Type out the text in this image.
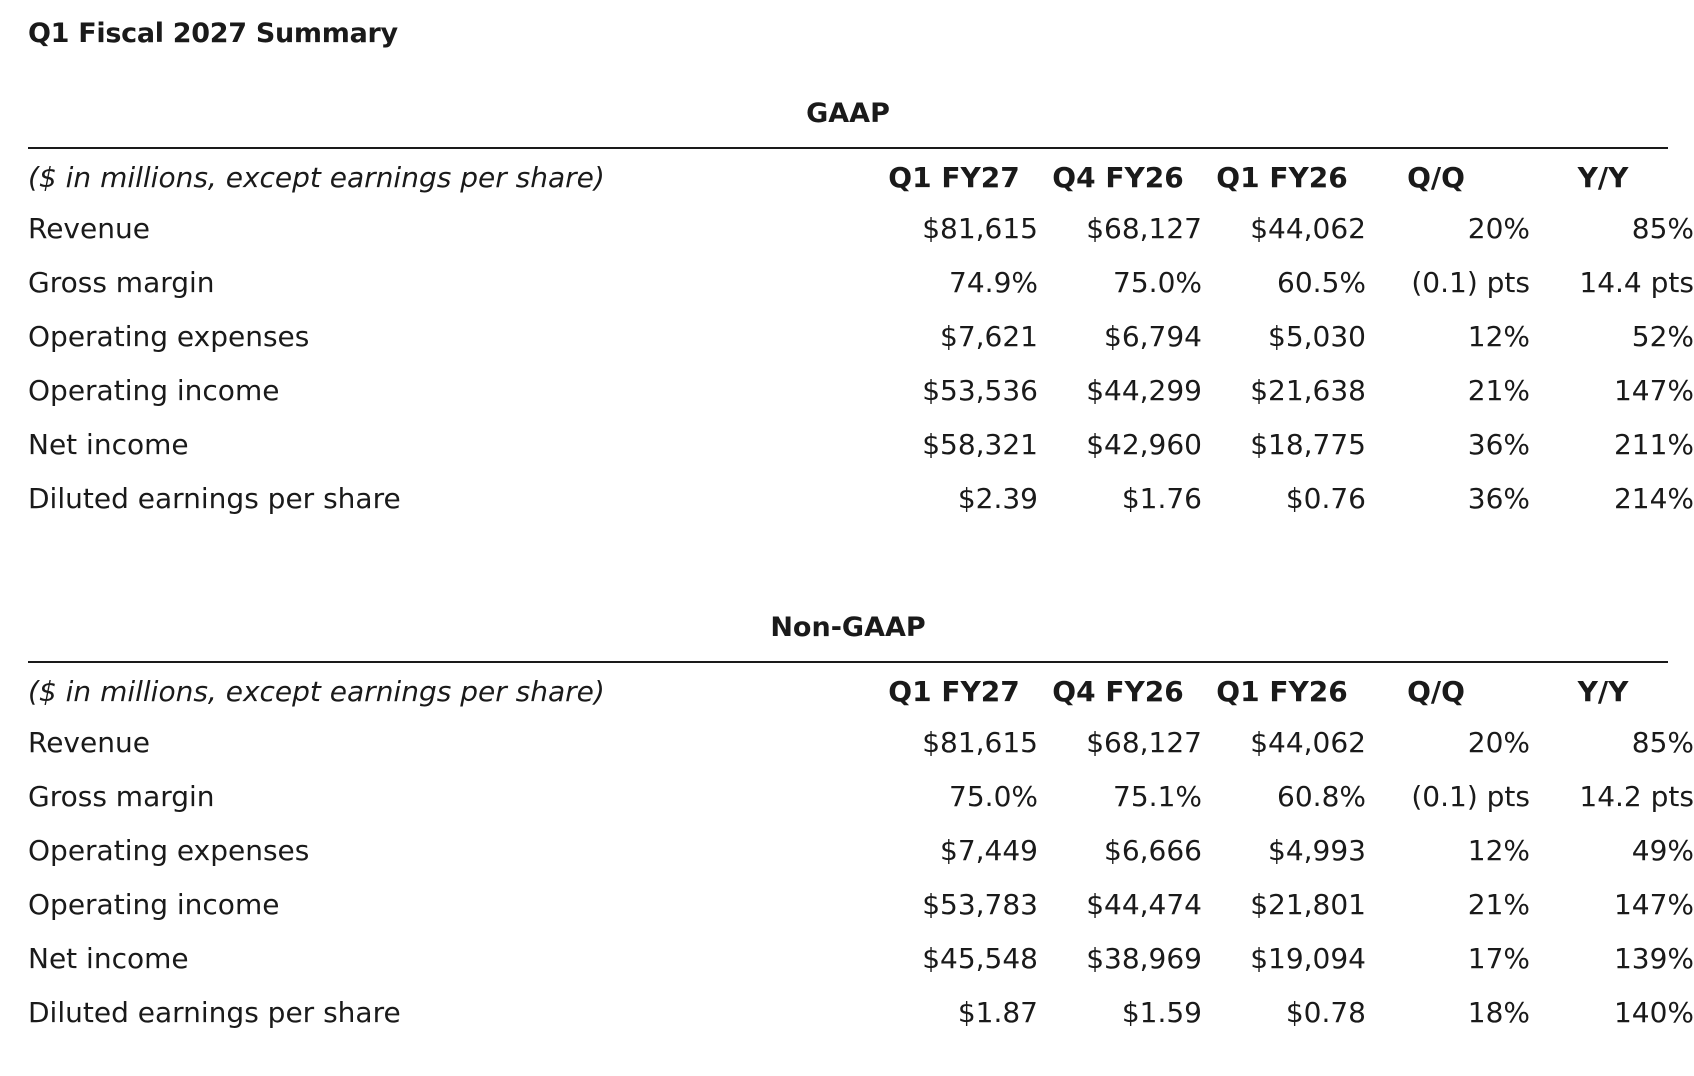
Q1 Fiscal 2027 Summary
GAAP
($ in millions, except earnings per share)	Q1 FY27 Q4 FY26 Q1 FY26	Q/Q	Y/Y
Revenue	$81,615	$68,127	$44,062	20%	85%
Gross margin	74.9%	75.0%	60.5%	(0.1) pts	14.4 pts
Operating expenses	$7,621	$6,794	$5,030	12%	52%
Operating income	$53,536	$44,299	$21,638	21%	147%
Net income	$58,321	$42,960	$18,775	36%	211%
Diluted earnings per share	$2.39	$1.76	$0.76	36%	214%
Non-GAAP
($ in millions, except earnings per share)	Q1 FY27 Q4 FY26 Q1 FY26	Q/Q	Y/Y
Revenue	$81,615	$68,127	$44,062	20%	85%
Gross margin	75.0%	75.1%	60.8%	(0.1) pts	14.2 pts
Operating expenses	$7,449	$6,666	$4,993	12%	49%
Operating income	$53,783	$44,474	$21,801	21%	147%
Net income	$45,548	$38,969	$19,094	17%	139%
Diluted earnings per share	$1.87	$1.59	$0.78	18%	140%
